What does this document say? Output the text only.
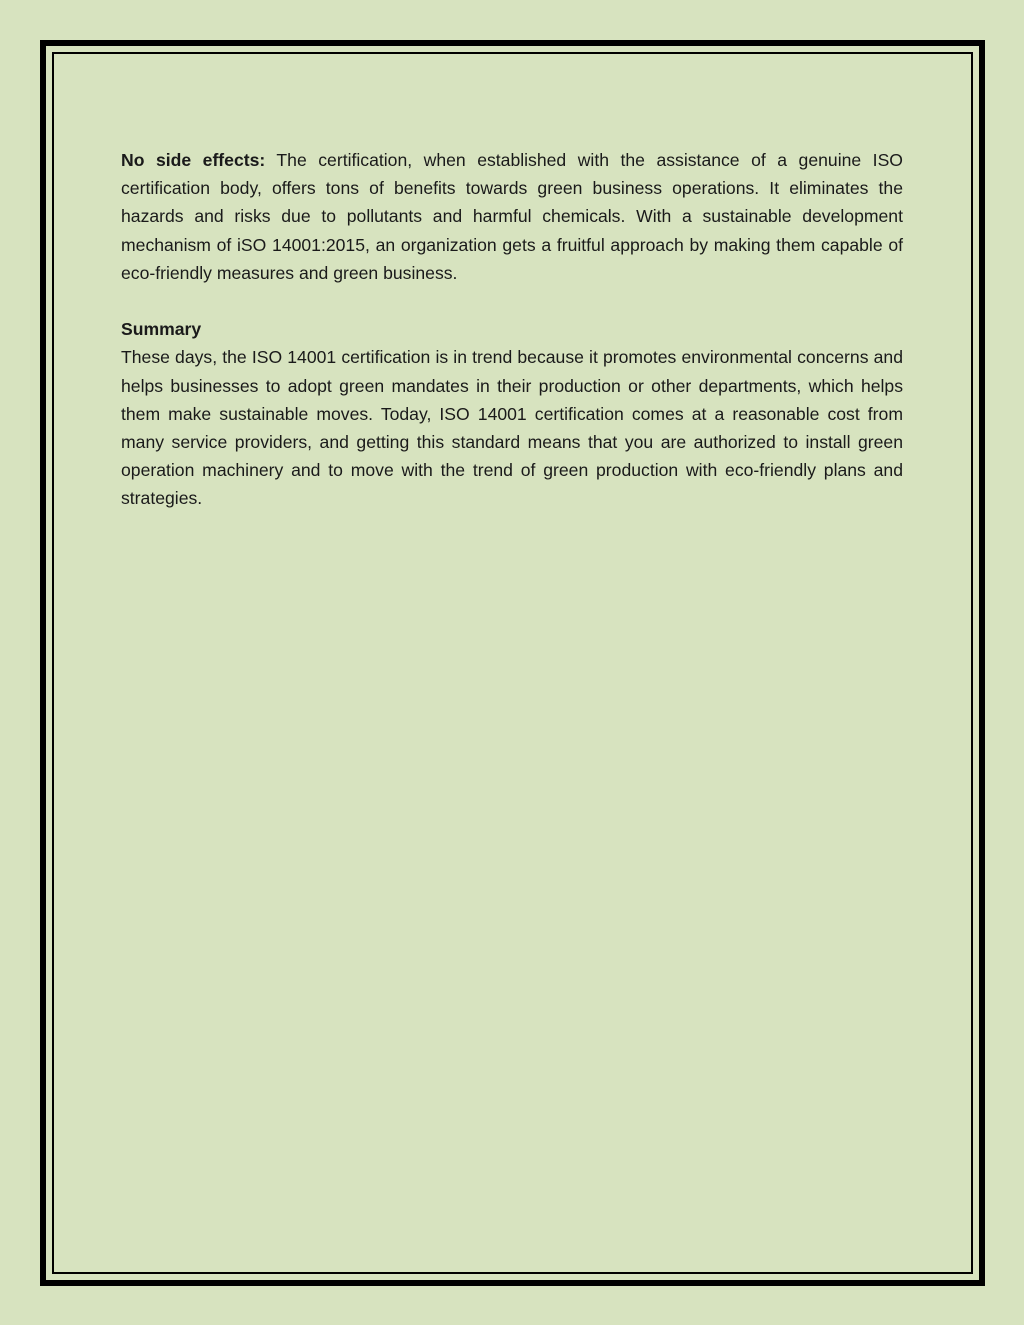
No side effects: The certification, when established with the assistance of a genuine ISO certification body, offers tons of benefits towards green business operations. It eliminates the hazards and risks due to pollutants and harmful chemicals. With a sustainable development mechanism of iSO 14001:2015, an organization gets a fruitful approach by making them capable of eco-friendly measures and green business.

Summary

These days, the ISO 14001 certification is in trend because it promotes environmental concerns and helps businesses to adopt green mandates in their production or other departments, which helps them make sustainable moves. Today, ISO 14001 certification comes at a reasonable cost from many service providers, and getting this standard means that you are authorized to install green operation machinery and to move with the trend of green production with eco-friendly plans and strategies.
